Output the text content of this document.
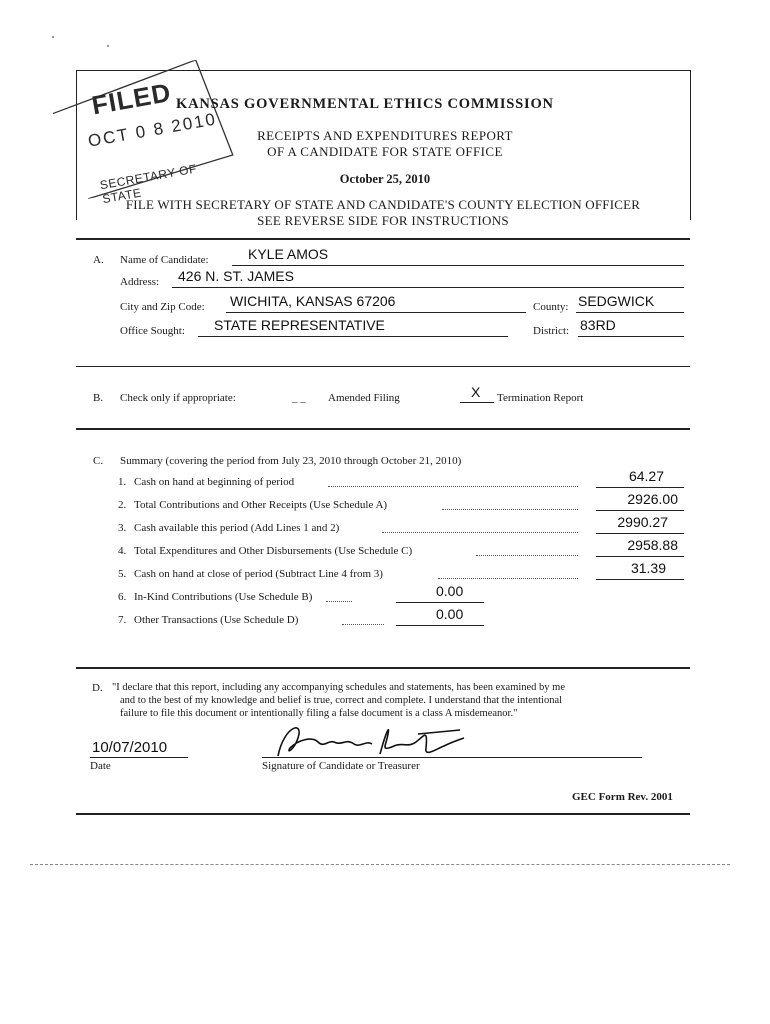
FILED
OCT 0 8 2010
SECRETARY OF STATE
KANSAS GOVERNMENTAL ETHICS COMMISSION
RECEIPTS AND EXPENDITURES REPORT
OF A CANDIDATE FOR STATE OFFICE
October 25, 2010
FILE WITH SECRETARY OF STATE AND CANDIDATE'S COUNTY ELECTION OFFICER
SEE REVERSE SIDE FOR INSTRUCTIONS
A. Name of Candidate:	KYLE AMOS
Address: 426 N. ST. JAMES
City and Zip Code: WICHITA, KANSAS 67206	County: SEDGWICK
Office Sought: STATE REPRESENTATIVE	District: 83RD
B. Check only if appropriate:	_ _ Amended Filing	X Termination Report
C. Summary (covering the period from July 23, 2010 through October 21, 2010)
1. Cash on hand at beginning of period	64.27
2. Total Contributions and Other Receipts (Use Schedule A)	2926.00
3. Cash available this period (Add Lines 1 and 2)	2990.27
4. Total Expenditures and Other Disbursements (Use Schedule C)	2958.88
5. Cash on hand at close of period (Subtract Line 4 from 3)	31.39
6. In-Kind Contributions (Use Schedule B)	0.00
7. Other Transactions (Use Schedule D)	0.00
D. "I declare that this report, including any accompanying schedules and statements, has been examined by me
and to the best of my knowledge and belief is true, correct and complete. I understand that the intentional
failure to file this document or intentionally filing a false document is a class A misdemeanor."
10/07/2010
Date	Signature of Candidate or Treasurer
GEC Form Rev. 2001
